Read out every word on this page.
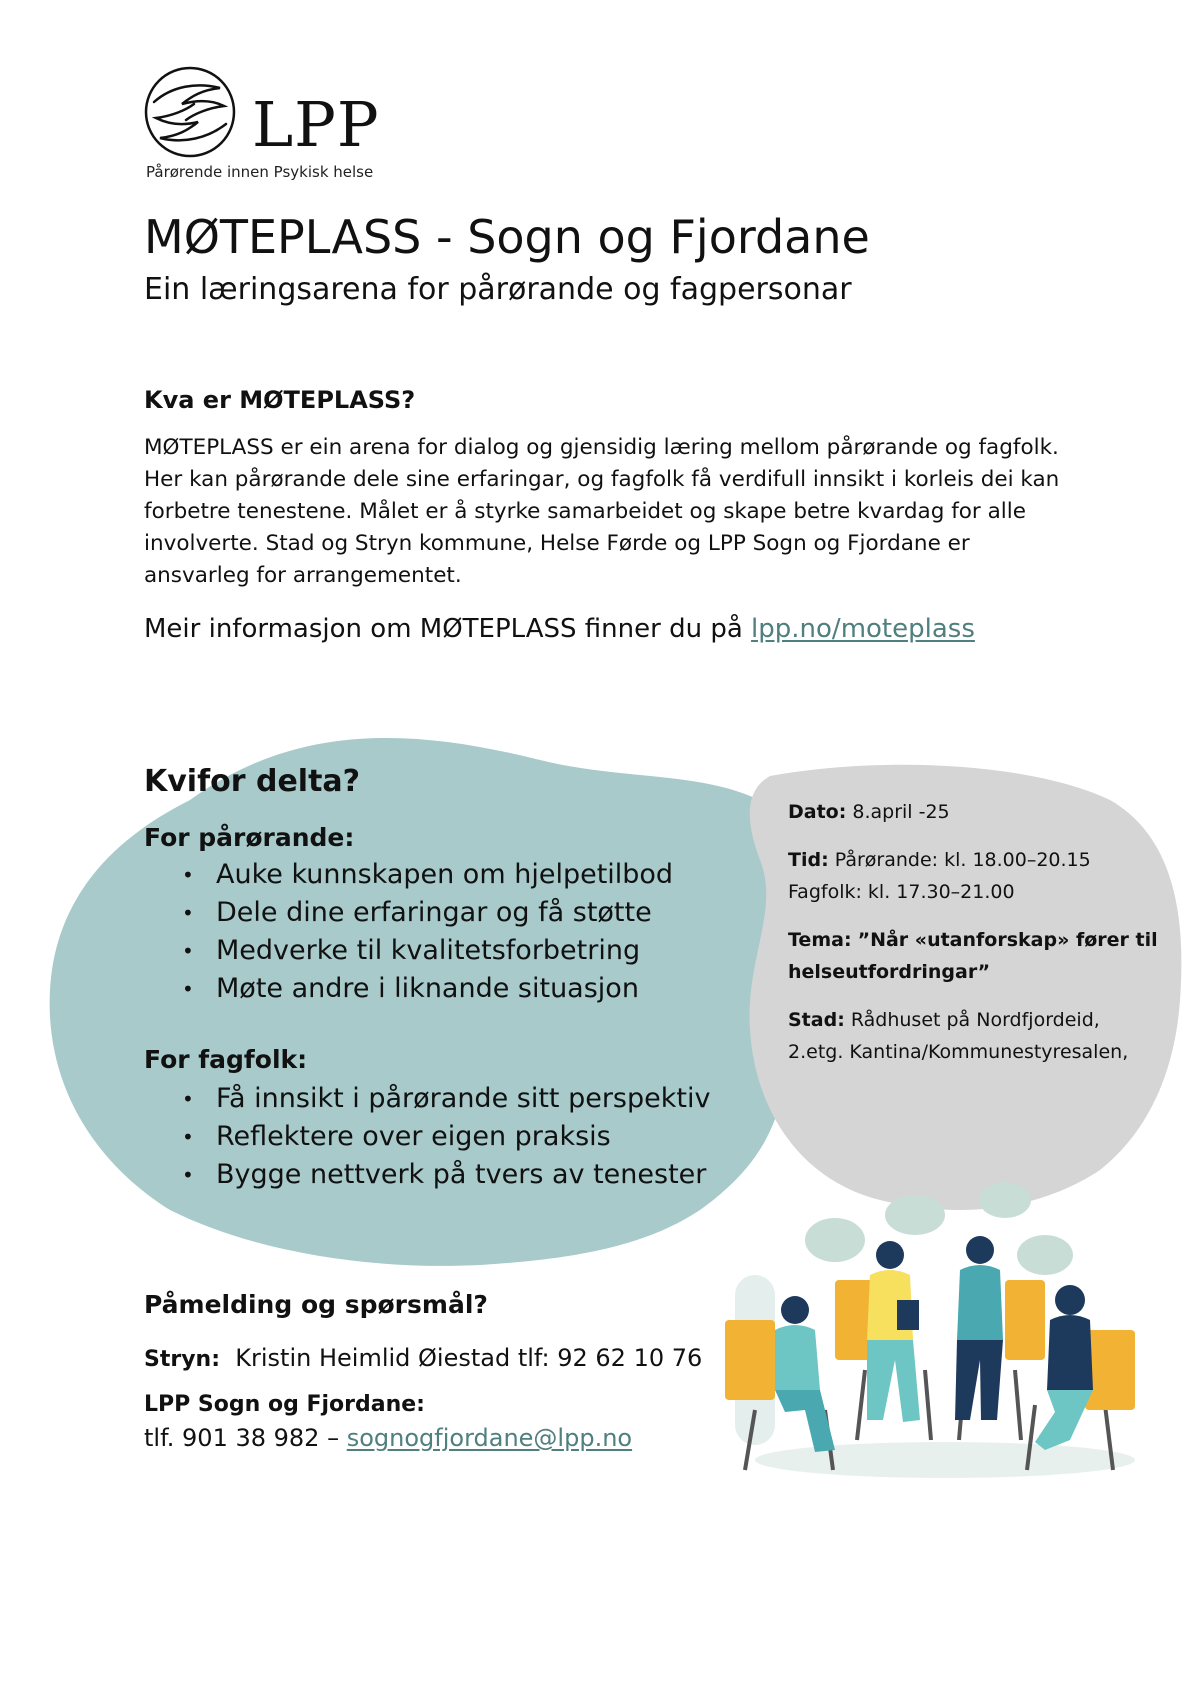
LPP
Pårørende innen Psykisk helse
MØTEPLASS - Sogn og Fjordane
Ein læringsarena for pårørande og fagpersonar
Kva er MØTEPLASS?
MØTEPLASS er ein arena for dialog og gjensidig læring mellom pårørande og fagfolk. Her kan pårørande dele sine erfaringar, og fagfolk få verdifull innsikt i korleis dei kan forbetre tenestene. Målet er å styrke samarbeidet og skape betre kvardag for alle involverte. Stad og Stryn kommune, Helse Førde og LPP Sogn og Fjordane er ansvarleg for arrangementet.
Meir informasjon om MØTEPLASS finner du på lpp.no/moteplass
Kvifor delta?
For pårørande:
• Auke kunnskapen om hjelpetilbod
• Dele dine erfaringar og få støtte
• Medverke til kvalitetsforbetring
• Møte andre i liknande situasjon
For fagfolk:
• Få innsikt i pårørande sitt perspektiv
• Reflektere over eigen praksis
• Bygge nettverk på tvers av tenester

Dato: 8.april -25

Tid: Pårørande: kl. 18.00–20.15
Fagfolk: kl. 17.30–21.00

Tema: ”Når «utanforskap» fører til helseutfordringar”

Stad: Rådhuset på Nordfjordeid,
2.etg. Kantina/Kommunestyresalen,

Påmelding og spørsmål?
Stryn: Kristin Heimlid Øiestad tlf: 92 62 10 76
LPP Sogn og Fjordane:
tlf. 901 38 982 – sognogfjordane@lpp.no
